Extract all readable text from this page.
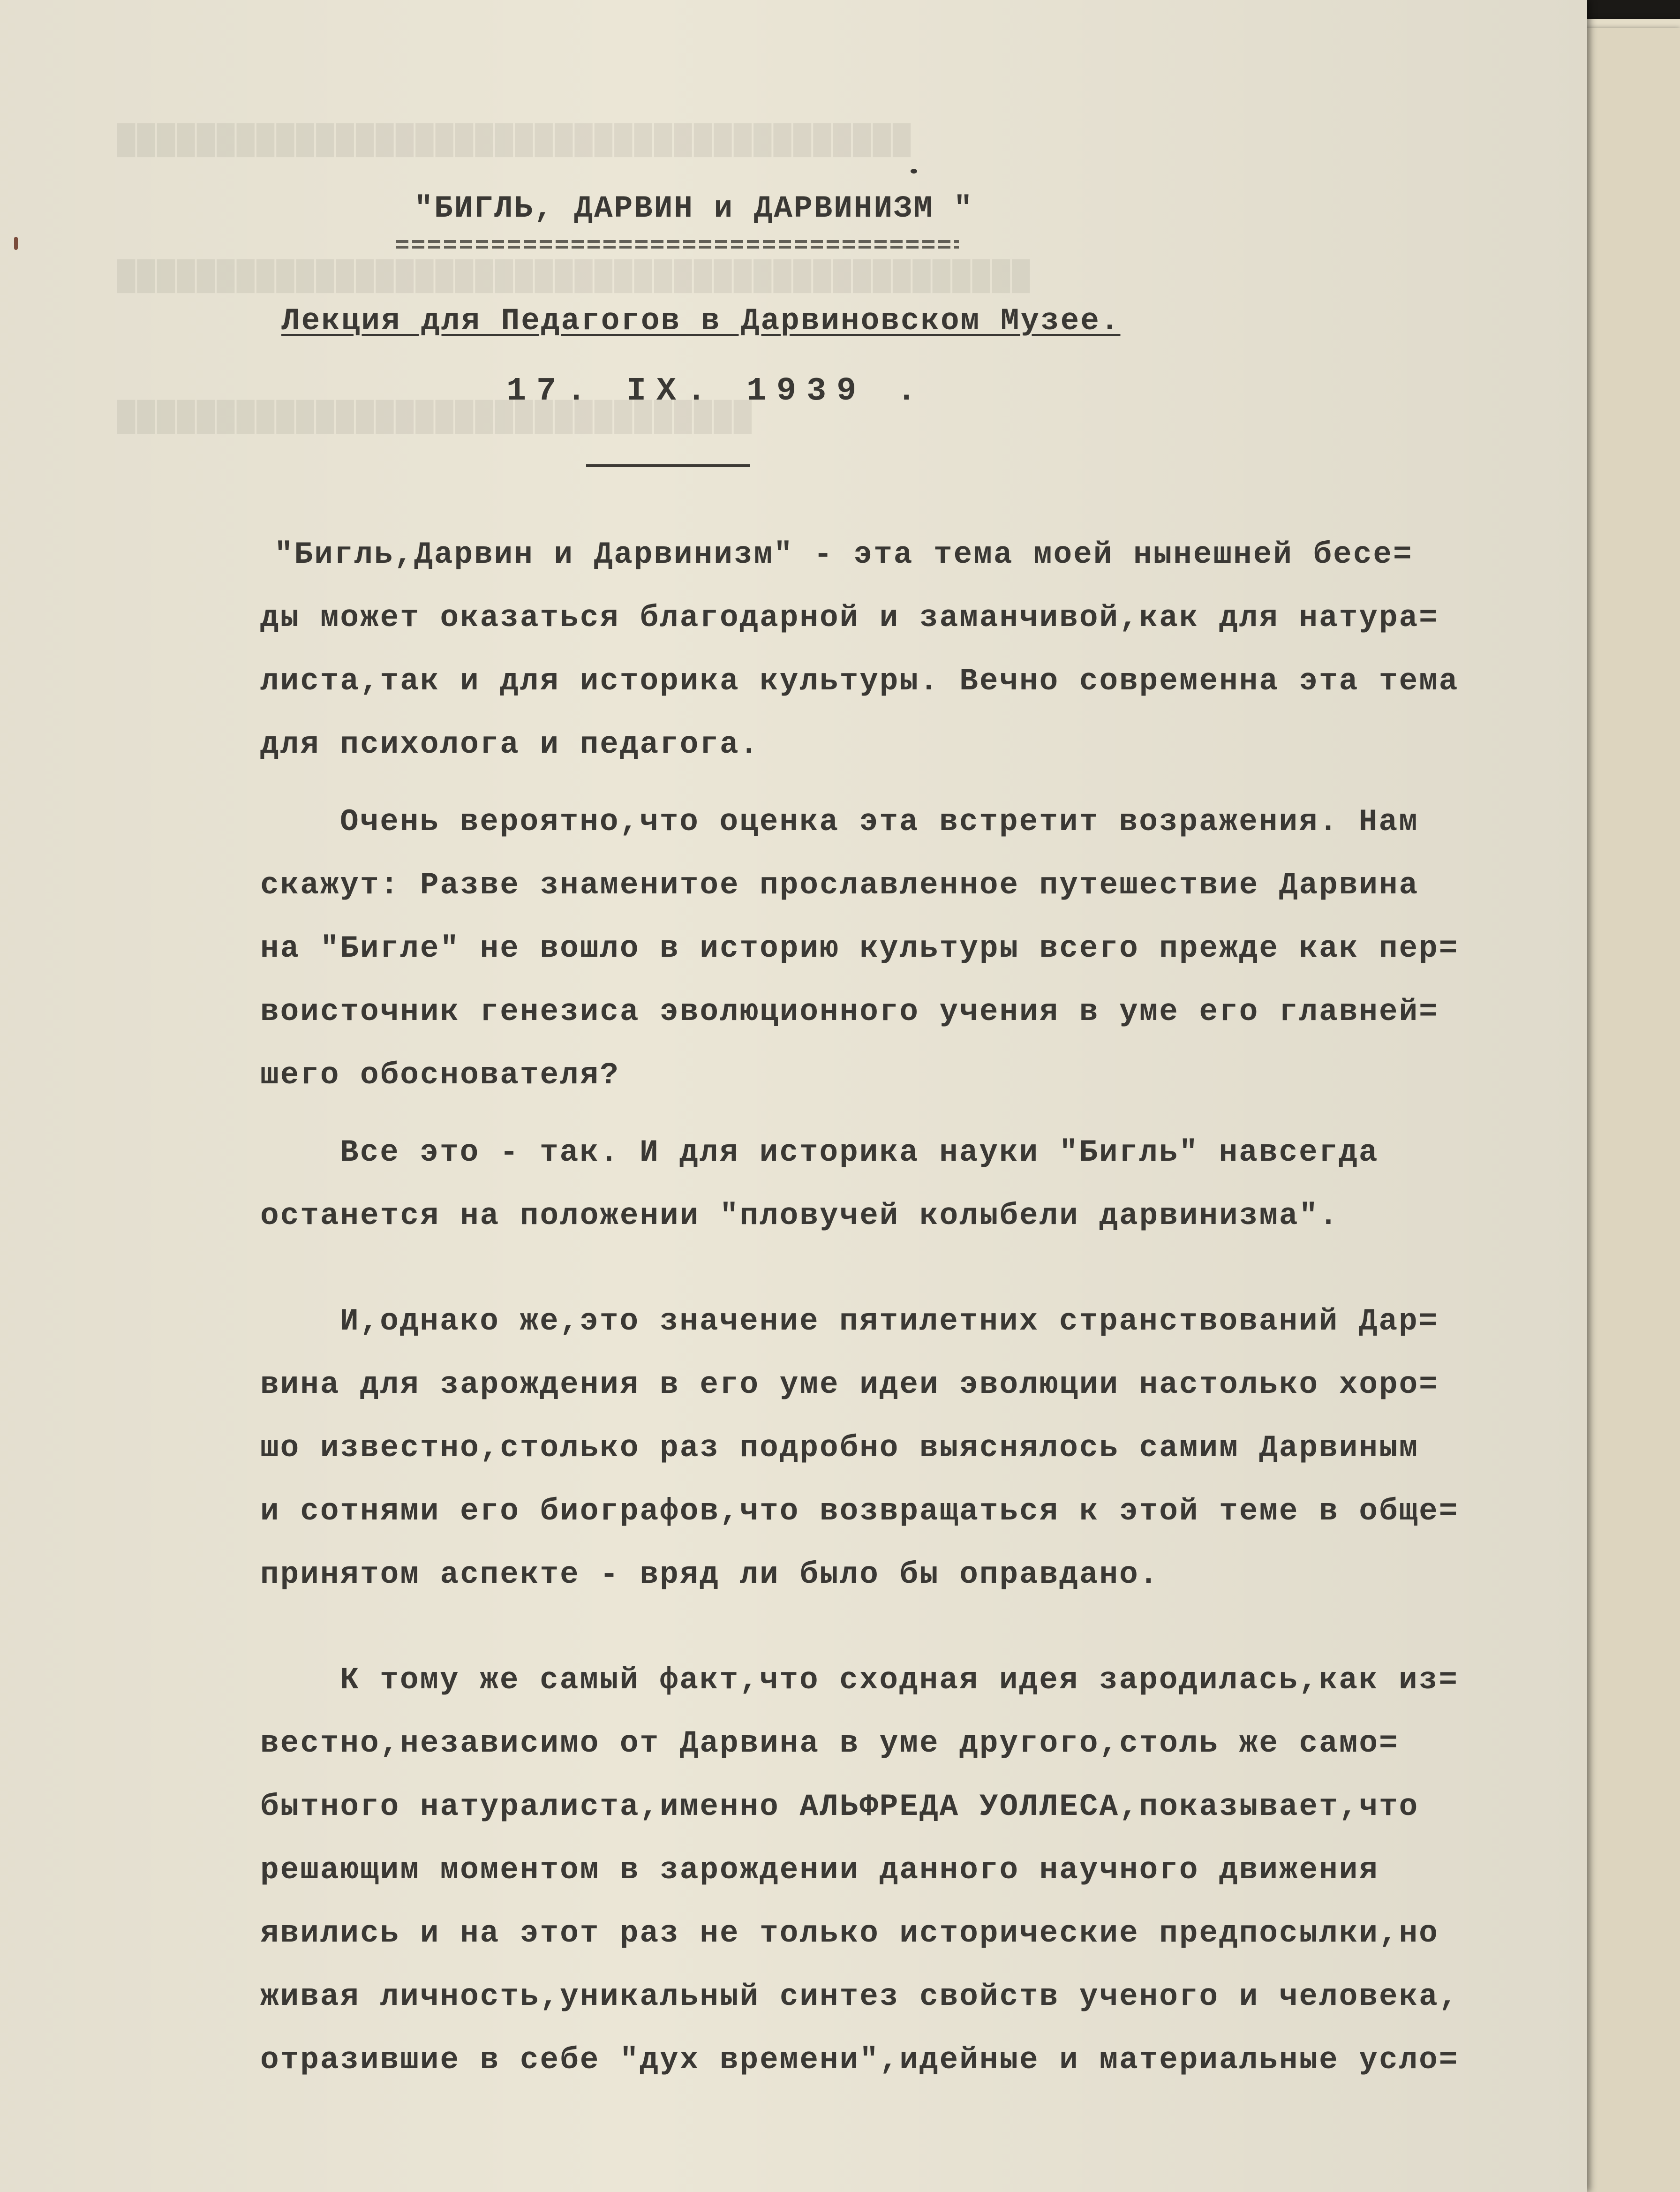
████████████████████████████████████████
██████████████████████████████████████████████
████████████████████████████████
"БИГЛЬ, ДАРВИН и ДАРВИНИЗМ "
Лекция для Педагогов в Дарвиновском Музее.
17. IX. 1939 .
"Бигль,Дарвин и Дарвинизм" - эта тема моей нынешней бесе=
ды может оказаться благодарной и заманчивой,как для натура=
листа,так и для историка культуры. Вечно современна эта тема
для психолога и педагога.
Очень вероятно,что оценка эта встретит возражения. Нам
скажут: Разве знаменитое прославленное путешествие Дарвина
на "Бигле" не вошло в историю культуры всего прежде как пер=
воисточник генезиса эволюционного учения в уме его главней=
шего обоснователя?
Все это - так. И для историка науки "Бигль" навсегда
останется на положении "пловучей колыбели дарвинизма".
И,однако же,это значение пятилетних странствований Дар=
вина для зарождения в его уме идеи эволюции настолько хоро=
шо известно,столько раз подробно выяснялось самим Дарвиным
и сотнями его биографов,что возвращаться к этой теме в обще=
принятом аспекте - вряд ли было бы оправдано.
К тому же самый факт,что сходная идея зародилась,как из=
вестно,независимо от Дарвина в уме другого,столь же само=
бытного натуралиста,именно АЛЬФРЕДА УОЛЛЕСА,показывает,что
решающим моментом в зарождении данного научного движения
явились и на этот раз не только исторические предпосылки,но
живая личность,уникальный синтез свойств ученого и человека,
отразившие в себе "дух времени",идейные и материальные усло=
